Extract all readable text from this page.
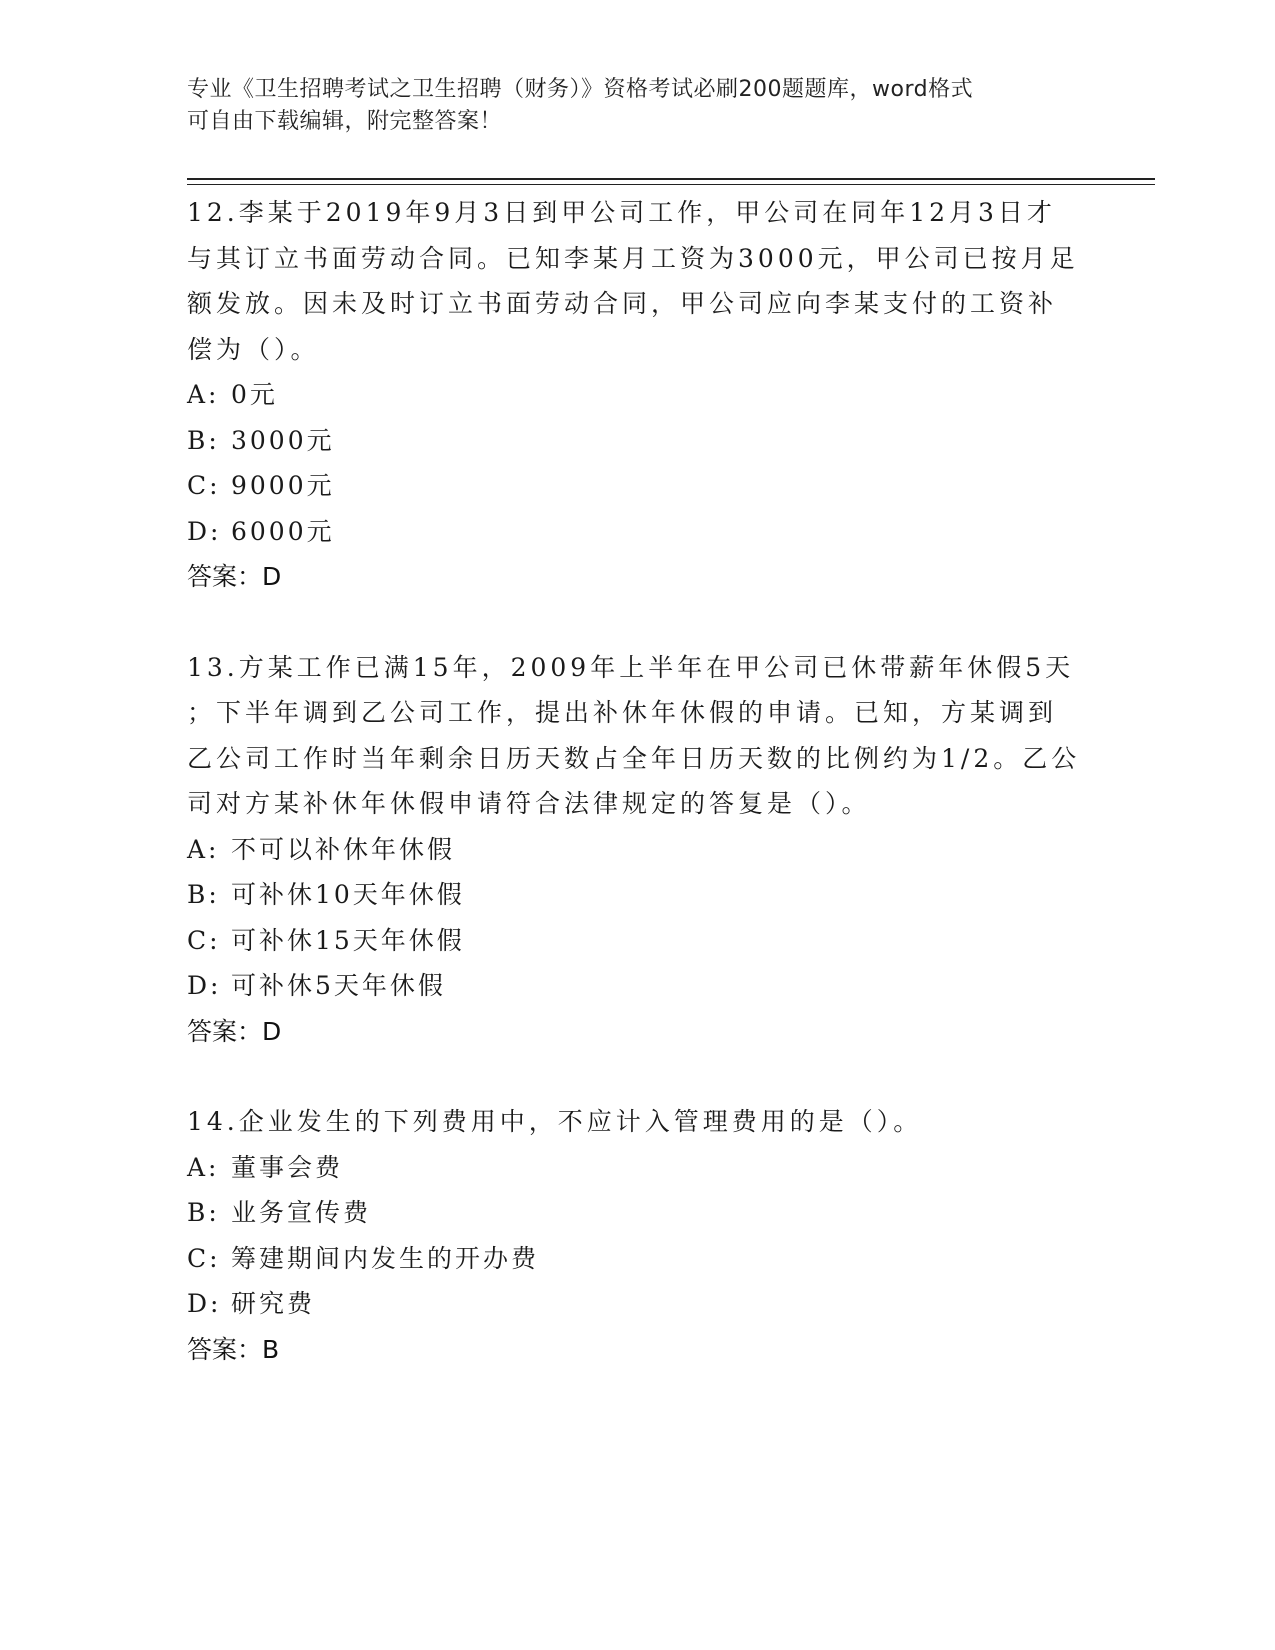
专业《卫生招聘考试之卫生招聘（财务）》资格考试必刷200题题库，word格式
可自由下载编辑，附完整答案！

12.李某于2019年9月3日到甲公司工作，甲公司在同年12月3日才

与其订立书面劳动合同。已知李某月工资为3000元，甲公司已按月足

额发放。因未及时订立书面劳动合同，甲公司应向李某支付的工资补

偿为（）。

A: 0元

B: 3000元

C: 9000元

D: 6000元

答案：D

13.方某工作已满15年，2009年上半年在甲公司已休带薪年休假5天

；下半年调到乙公司工作，提出补休年休假的申请。已知，方某调到

乙公司工作时当年剩余日历天数占全年日历天数的比例约为1/2。乙公

司对方某补休年休假申请符合法律规定的答复是（）。

A: 不可以补休年休假

B: 可补休10天年休假

C: 可补休15天年休假

D: 可补休5天年休假

答案：D

14.企业发生的下列费用中，不应计入管理费用的是（）。

A: 董事会费

B: 业务宣传费

C: 筹建期间内发生的开办费

D: 研究费

答案：B
